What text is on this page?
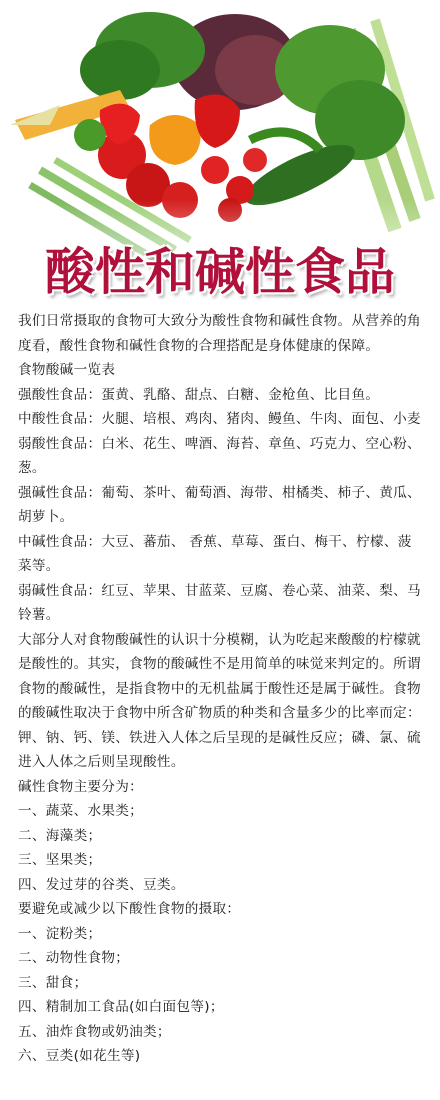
酸性和碱性食品

我们日常摄取的食物可大致分为酸性食物和碱性食物。从营养的角

度看，酸性食物和碱性食物的合理搭配是身体健康的保障。

食物酸碱一览表

强酸性食品：蛋黄、乳酪、甜点、白糖、金枪鱼、比目鱼。

中酸性食品：火腿、培根、鸡肉、猪肉、鳗鱼、牛肉、面包、小麦

弱酸性食品：白米、花生、啤酒、海苔、章鱼、巧克力、空心粉、

葱。

强碱性食品：葡萄、茶叶、葡萄酒、海带、柑橘类、柿子、黄瓜、

胡萝卜。

中碱性食品：大豆、蕃茄、 香蕉、草莓、蛋白、梅干、柠檬、菠

菜等。

弱碱性食品：红豆、苹果、甘蓝菜、豆腐、卷心菜、油菜、梨、马

铃薯。

大部分人对食物酸碱性的认识十分模糊，认为吃起来酸酸的柠檬就

是酸性的。其实，食物的酸碱性不是用简单的味觉来判定的。所谓

食物的酸碱性，是指食物中的无机盐属于酸性还是属于碱性。食物

的酸碱性取决于食物中所含矿物质的种类和含量多少的比率而定：

钾、钠、钙、镁、铁进入人体之后呈现的是碱性反应；磷、氯、硫

进入人体之后则呈现酸性。

碱性食物主要分为：

一、蔬菜、水果类；

二、海藻类；

三、坚果类；

四、发过芽的谷类、豆类。

要避免或减少以下酸性食物的摄取：

一、淀粉类；

二、动物性食物；

三、甜食；

四、精制加工食品(如白面包等)；

五、油炸食物或奶油类；

六、豆类(如花生等)
